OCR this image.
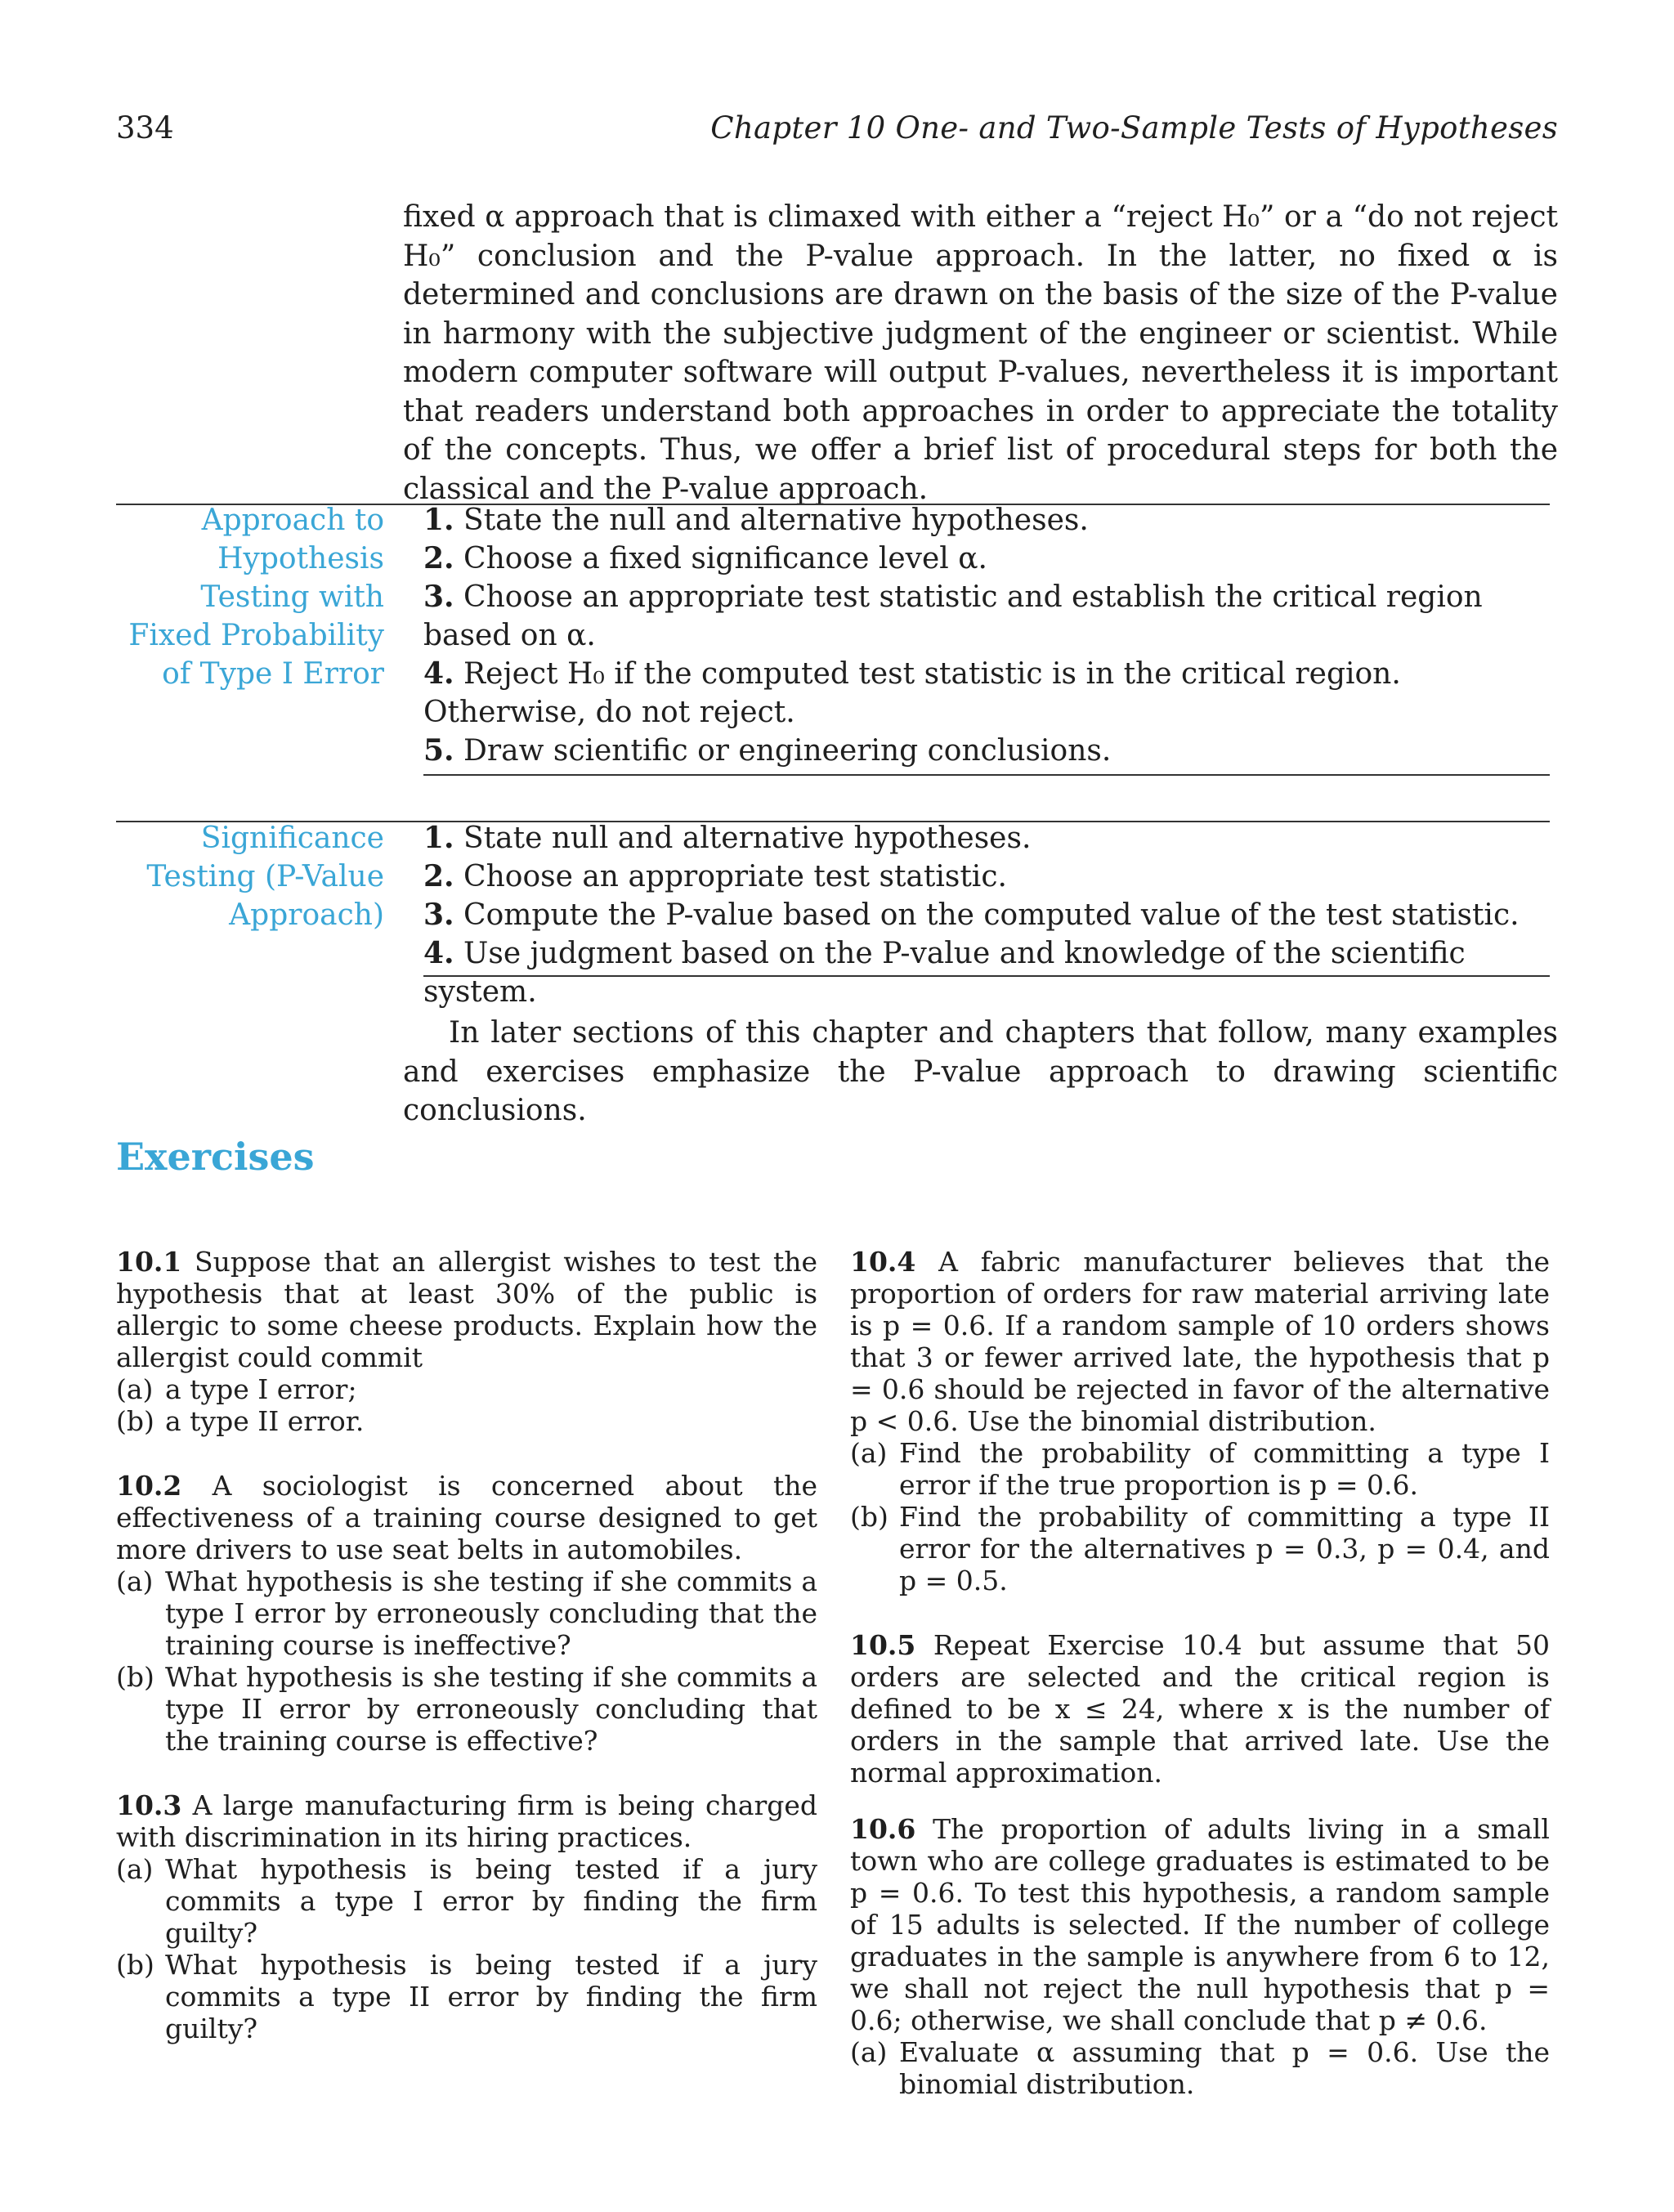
334	Chapter 10 One- and Two-Sample Tests of Hypotheses

fixed α approach that is climaxed with either a “reject H₀” or a “do not reject H₀” conclusion and the P-value approach. In the latter, no fixed α is determined and conclusions are drawn on the basis of the size of the P-value in harmony with the subjective judgment of the engineer or scientist. While modern computer software will output P-values, nevertheless it is important that readers understand both approaches in order to appreciate the totality of the concepts. Thus, we offer a brief list of procedural steps for both the classical and the P-value approach.

Approach to
Hypothesis
Testing with
Fixed Probability
of Type I Error

1. State the null and alternative hypotheses.

2. Choose a fixed significance level α.

3. Choose an appropriate test statistic and establish the critical region based on α.

4. Reject H₀ if the computed test statistic is in the critical region. Otherwise, do not reject.

5. Draw scientific or engineering conclusions.

Significance
Testing (P-Value
Approach)

1. State null and alternative hypotheses.

2. Choose an appropriate test statistic.

3. Compute the P-value based on the computed value of the test statistic.

4. Use judgment based on the P-value and knowledge of the scientific system.

In later sections of this chapter and chapters that follow, many examples and exercises emphasize the P-value approach to drawing scientific conclusions.

Exercises

10.1 Suppose that an allergist wishes to test the hypothesis that at least 30% of the public is allergic to some cheese products. Explain how the allergist could commit

(a) a type I error;

(b) a type II error.

10.2 A sociologist is concerned about the effectiveness of a training course designed to get more drivers to use seat belts in automobiles.

(a) What hypothesis is she testing if she commits a type I error by erroneously concluding that the training course is ineffective?

(b) What hypothesis is she testing if she commits a type II error by erroneously concluding that the training course is effective?

10.3 A large manufacturing firm is being charged with discrimination in its hiring practices.

(a) What hypothesis is being tested if a jury commits a type I error by finding the firm guilty?

(b) What hypothesis is being tested if a jury commits a type II error by finding the firm guilty?

10.4 A fabric manufacturer believes that the proportion of orders for raw material arriving late is p = 0.6. If a random sample of 10 orders shows that 3 or fewer arrived late, the hypothesis that p = 0.6 should be rejected in favor of the alternative p < 0.6. Use the binomial distribution.

(a) Find the probability of committing a type I error if the true proportion is p = 0.6.

(b) Find the probability of committing a type II error for the alternatives p = 0.3, p = 0.4, and p = 0.5.

10.5 Repeat Exercise 10.4 but assume that 50 orders are selected and the critical region is defined to be x ≤ 24, where x is the number of orders in the sample that arrived late. Use the normal approximation.

10.6 The proportion of adults living in a small town who are college graduates is estimated to be p = 0.6. To test this hypothesis, a random sample of 15 adults is selected. If the number of college graduates in the sample is anywhere from 6 to 12, we shall not reject the null hypothesis that p = 0.6; otherwise, we shall conclude that p ≠ 0.6.

(a) Evaluate α assuming that p = 0.6. Use the binomial distribution.
